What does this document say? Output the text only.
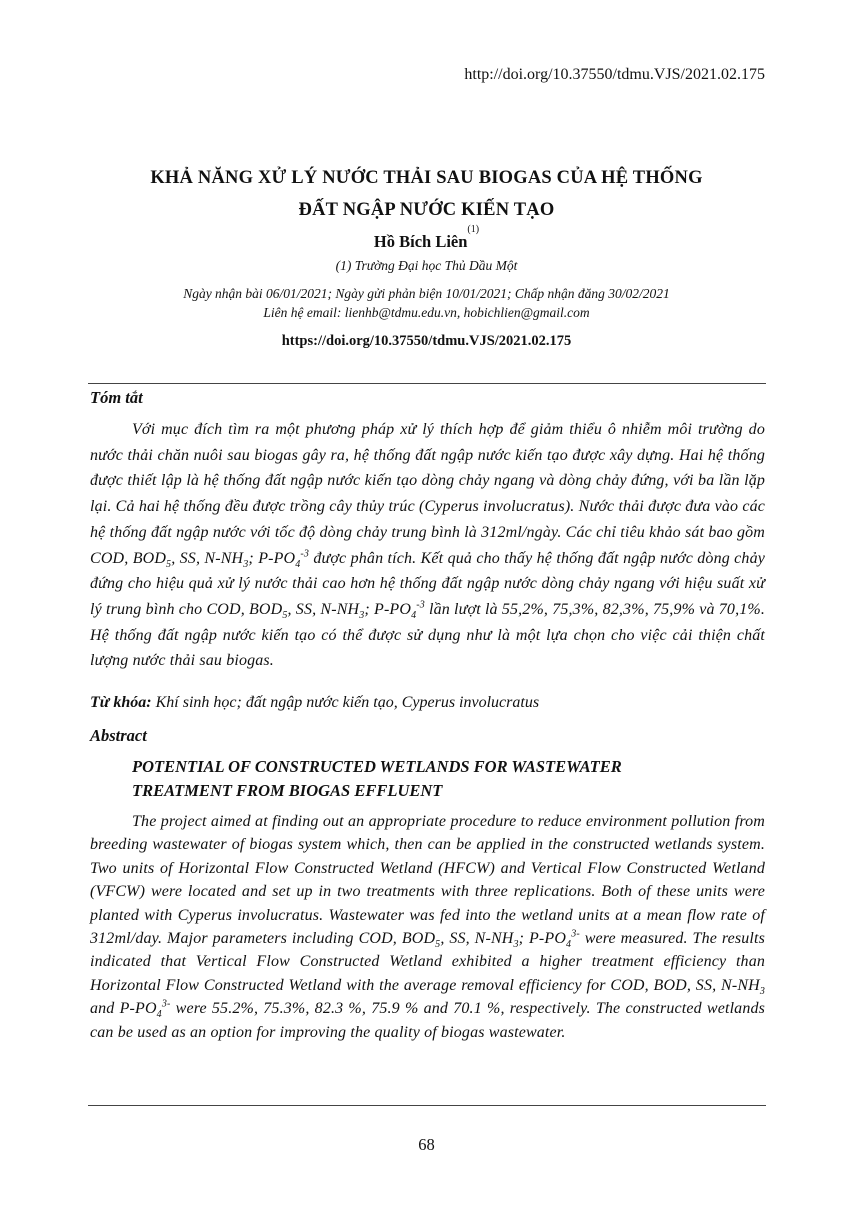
http://doi.org/10.37550/tdmu.VJS/2021.02.175
KHẢ NĂNG XỬ LÝ NƯỚC THẢI SAU BIOGAS CỦA HỆ THỐNG
ĐẤT NGẬP NƯỚC KIẾN TẠO
Hồ Bích Liên$^{(1)}$
(1) Trường Đại học Thủ Dầu Một
Ngày nhận bài 06/01/2021; Ngày gửi phản biện 10/01/2021; Chấp nhận đăng 30/02/2021
Liên hệ email: lienhb@tdmu.edu.vn, hobichlien@gmail.com
https://doi.org/10.37550/tdmu.VJS/2021.02.175
Tóm tắt
Với mục đích tìm ra một phương pháp xử lý thích hợp để giảm thiểu ô nhiễm môi trường do nước thải chăn nuôi sau biogas gây ra, hệ thống đất ngập nước kiến tạo được xây dựng. Hai hệ thống được thiết lập là hệ thống đất ngập nước kiến tạo dòng chảy ngang và dòng chảy đứng, với ba lần lặp lại. Cả hai hệ thống đều được trồng cây thủy trúc (Cyperus involucratus). Nước thải được đưa vào các hệ thống đất ngập nước với tốc độ dòng chảy trung bình là 312ml/ngày. Các chỉ tiêu khảo sát bao gồm COD, $BOD_5$, SS, $N-NH_3$; $P-PO_4^{-3}$ được phân tích. Kết quả cho thấy hệ thống đất ngập nước dòng chảy đứng cho hiệu quả xử lý nước thải cao hơn hệ thống đất ngập nước dòng chảy ngang với hiệu suất xử lý trung bình cho COD, $BOD_5$, SS, $N-NH_3$; $P-PO_4^{-3}$ lần lượt là 55,2%, 75,3%, 82,3%, 75,9% và 70,1%. Hệ thống đất ngập nước kiến tạo có thể được sử dụng như là một lựa chọn cho việc cải thiện chất lượng nước thải sau biogas.
Từ khóa: Khí sinh học; đất ngập nước kiến tạo, Cyperus involucratus
Abstract
POTENTIAL OF CONSTRUCTED WETLANDS FOR WASTEWATER
TREATMENT FROM BIOGAS EFFLUENT
The project aimed at finding out an appropriate procedure to reduce environment pollution from breeding wastewater of biogas system which, then can be applied in the constructed wetlands system. Two units of Horizontal Flow Constructed Wetland (HFCW) and Vertical Flow Constructed Wetland (VFCW) were located and set up in two treatments with three replications. Both of these units were planted with Cyperus involucratus. Wastewater was fed into the wetland units at a mean flow rate of 312ml/day. Major parameters including COD, $BOD_5$, SS, $N-NH_3$; $P-PO_4^{3-}$ were measured. The results indicated that Vertical Flow Constructed Wetland exhibited a higher treatment efficiency than Horizontal Flow Constructed Wetland with the average removal efficiency for COD, BOD, SS, $N-NH_3$ and $P-PO_4^{3-}$ were 55.2%, 75.3%, 82.3 %, 75.9 % and 70.1 %, respectively. The constructed wetlands can be used as an option for improving the quality of biogas wastewater.
68
